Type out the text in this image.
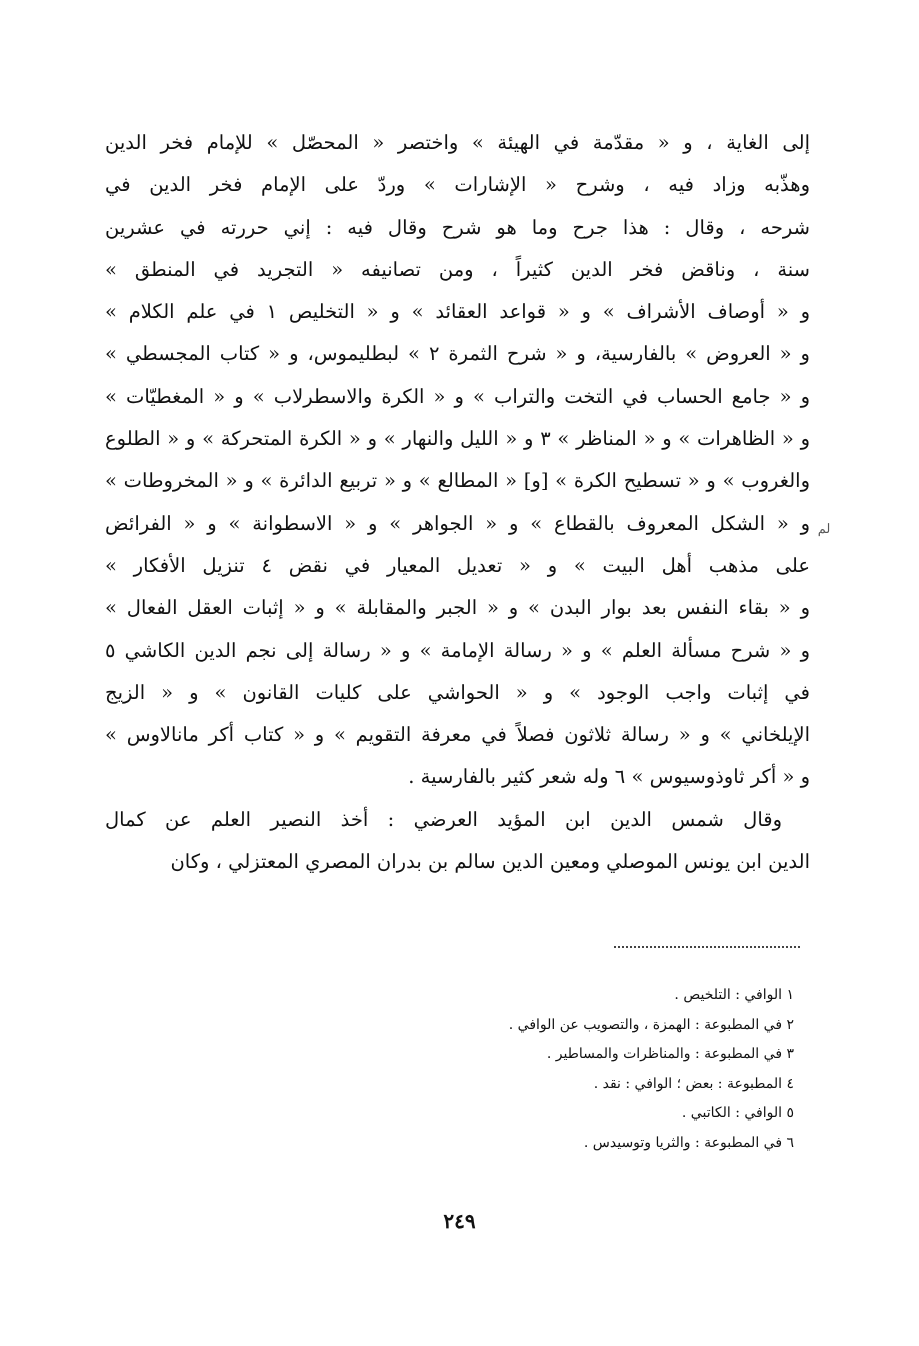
إلى الغاية ، و « مقدّمة في الهيئة » واختصر « المحصّل » للإمام فخر الدين
وهذّبه وزاد فيه ، وشرح « الإشارات » وردّ على الإمام فخر الدين في
شرحه ، وقال : هذا جرح وما هو شرح وقال فيه : إني حررته في عشرين
سنة ، وناقض فخر الدين كثيراً ، ومن تصانيفه « التجريد في المنطق »
و « أوصاف الأشراف » و « قواعد العقائد » و « التخليص ١ في علم الكلام »
و « العروض » بالفارسية، و « شرح الثمرة ٢ » لبطليموس، و « كتاب المجسطي »
و « جامع الحساب في التخت والتراب » و « الكرة والاسطرلاب » و « المغطيّات »
و « الظاهرات » و « المناظر » ٣ و « الليل والنهار » و « الكرة المتحركة » و « الطلوع
والغروب » و « تسطيح الكرة » [و] « المطالع » و « تربيع الدائرة » و « المخروطات »
و « الشكل المعروف بالقطاع » و « الجواهر » و « الاسطوانة » و « الفرائض
على مذهب أهل البيت » و « تعديل المعيار في نقض ٤ تنزيل الأفكار »
و « بقاء النفس بعد بوار البدن » و « الجبر والمقابلة » و « إثبات العقل الفعال »
و « شرح مسألة العلم » و « رسالة الإمامة » و « رسالة إلى نجم الدين الكاشي ٥
في إثبات واجب الوجود » و « الحواشي على كليات القانون » و « الزيج
الإيلخاني » و « رسالة ثلاثون فصلاً في معرفة التقويم » و « كتاب أكر مانالاوس »
و « أكر ثاوذوسيوس » ٦ وله شعر كثير بالفارسية .
وقال شمس الدين ابن المؤيد العرضي : أخذ النصير العلم عن كمال
الدين ابن يونس الموصلي ومعين الدين سالم بن بدران المصري المعتزلي ، وكان
لم
١ الوافي : التلخيص .
٢ في المطبوعة : الهمزة ، والتصويب عن الوافي .
٣ في المطبوعة : والمناظرات والمساطير .
٤ المطبوعة : بعض ؛ الوافي : نقد .
٥ الوافي : الكاتبي .
٦ في المطبوعة : والثريا وتوسيدس .
٢٤٩
